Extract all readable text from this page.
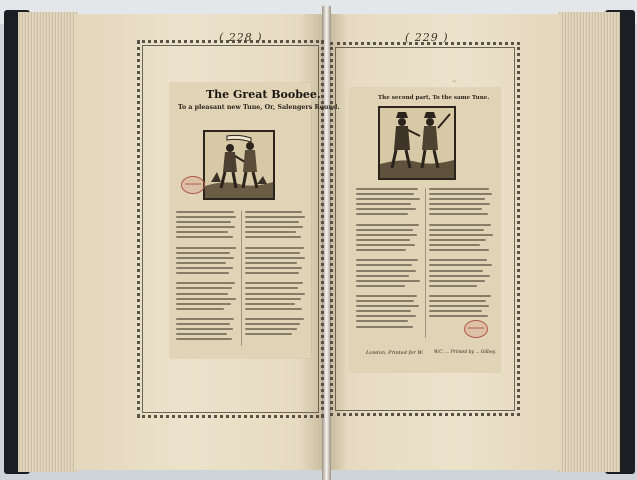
( 228 )
The Great Boobee.
To a pleasant new Tune, Or, Salengers Round.
( 229 )
~
The second part, To the same Tune.
London, Printed for W. W.C. ... Printed by ... Gilbey.
